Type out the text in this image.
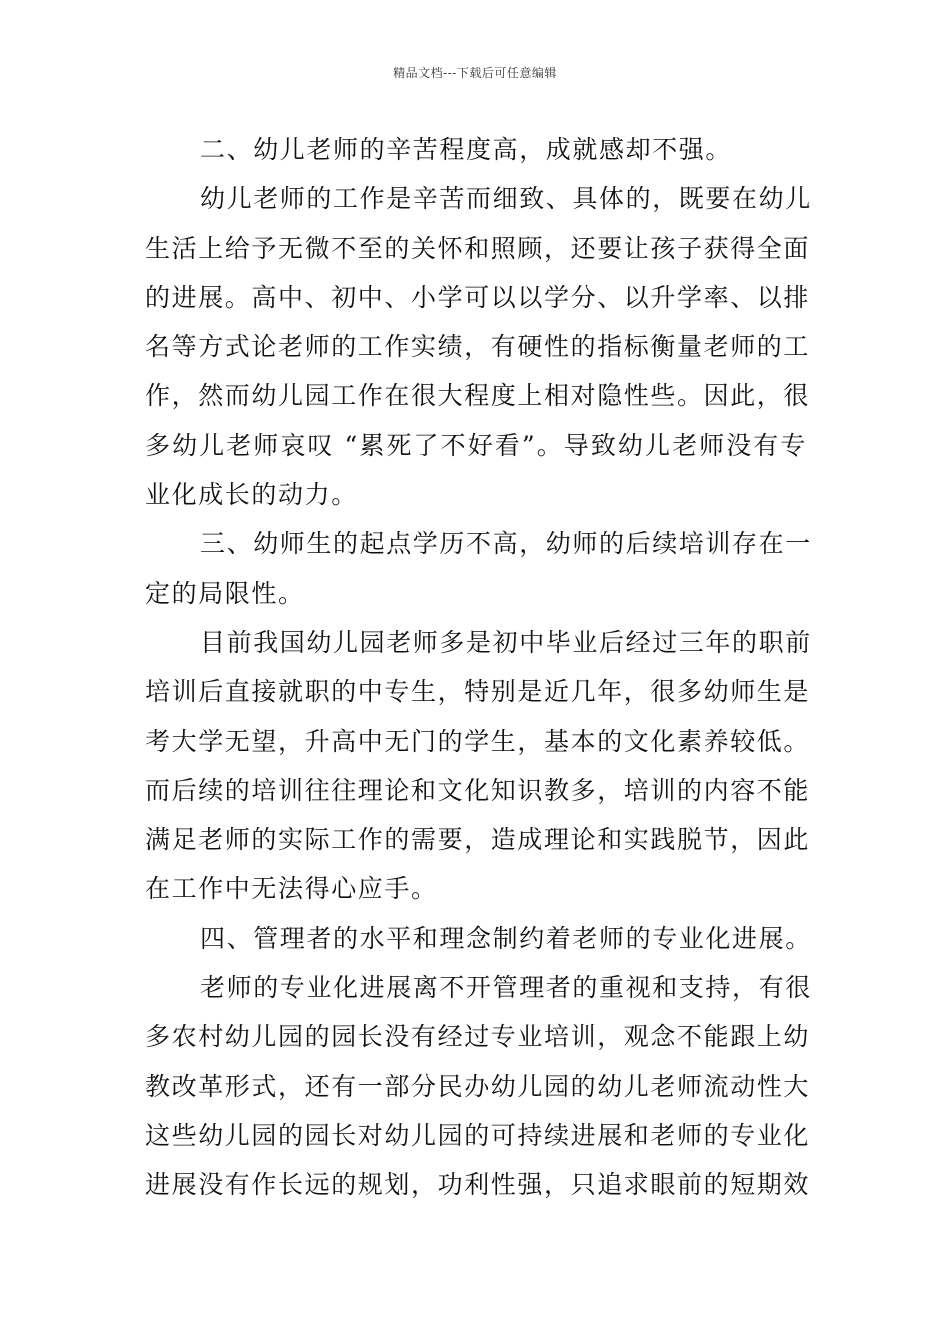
精品文档---下载后可任意编辑
二、幼儿老师的辛苦程度高，成就感却不强。
幼儿老师的工作是辛苦而细致、具体的，既要在幼儿
生活上给予无微不至的关怀和照顾，还要让孩子获得全面
的进展。高中、初中、小学可以以学分、以升学率、以排
名等方式论老师的工作实绩，有硬性的指标衡量老师的工
作，然而幼儿园工作在很大程度上相对隐性些。因此，很
多幼儿老师哀叹 “累死了不好看”。导致幼儿老师没有专
业化成长的动力。
三、幼师生的起点学历不高，幼师的后续培训存在一
定的局限性。
目前我国幼儿园老师多是初中毕业后经过三年的职前
培训后直接就职的中专生，特别是近几年，很多幼师生是
考大学无望，升高中无门的学生，基本的文化素养较低。
而后续的培训往往理论和文化知识教多，培训的内容不能
满足老师的实际工作的需要，造成理论和实践脱节，因此
在工作中无法得心应手。
四、管理者的水平和理念制约着老师的专业化进展。
老师的专业化进展离不开管理者的重视和支持，有很
多农村幼儿园的园长没有经过专业培训，观念不能跟上幼
教改革形式，还有一部分民办幼儿园的幼儿老师流动性大
这些幼儿园的园长对幼儿园的可持续进展和老师的专业化
进展没有作长远的规划，功利性强，只追求眼前的短期效
